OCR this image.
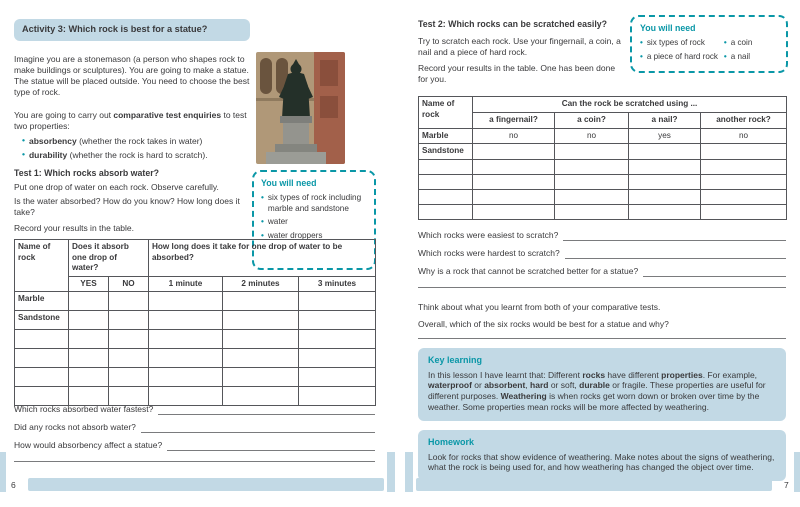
Activity 3: Which rock is best for a statue?
Imagine you are a stonemason (a person who shapes rock to make buildings or sculptures). You are going to make a statue. The statue will be placed outside. You need to choose the best type of rock.
You are going to carry out comparative test enquiries to test two properties:
• absorbency (whether the rock takes in water)
• durability (whether the rock is hard to scratch).
Test 1: Which rocks absorb water?
Put one drop of water on each rock. Observe carefully.
Is the water absorbed? How do you know? How long does it take?
Record your results in the table.
You will need
• six types of rock including marble and sandstone
• water
• water droppers
Name of rock	Does it absorb one drop of water?		How long does it take for one drop of water to be absorbed?		
	YES	NO	1 minute	2 minutes	3 minutes
Marble					
Sandstone					

Which rocks absorbed water fastest?
Did any rocks not absorb water?
How would absorbency affect a statue?
6
Test 2: Which rocks can be scratched easily?
Try to scratch each rock. Use your fingernail, a coin, a nail and a piece of hard rock.
Record your results in the table. One has been done for you.
You will need
• six types of rock
• a piece of hard rock
• a coin
• a nail
Name of rock	Can the rock be scratched using ...			
	a fingernail?	a coin?	a nail?	another rock?
Marble	no	no	yes	no
Sandstone				

Which rocks were easiest to scratch?
Which rocks were hardest to scratch?
Why is a rock that cannot be scratched better for a statue?
Think about what you learnt from both of your comparative tests.
Overall, which of the six rocks would be best for a statue and why?
Key learning
In this lesson I have learnt that: Different rocks have different properties. For example, waterproof or absorbent, hard or soft, durable or fragile. These properties are useful for different purposes. Weathering is when rocks get worn down or broken over time by the weather. Some properties mean rocks will be more affected by weathering.
Homework
Look for rocks that show evidence of weathering. Make notes about the signs of weathering, what the rock is being used for, and how weathering has changed the object over time.
7
